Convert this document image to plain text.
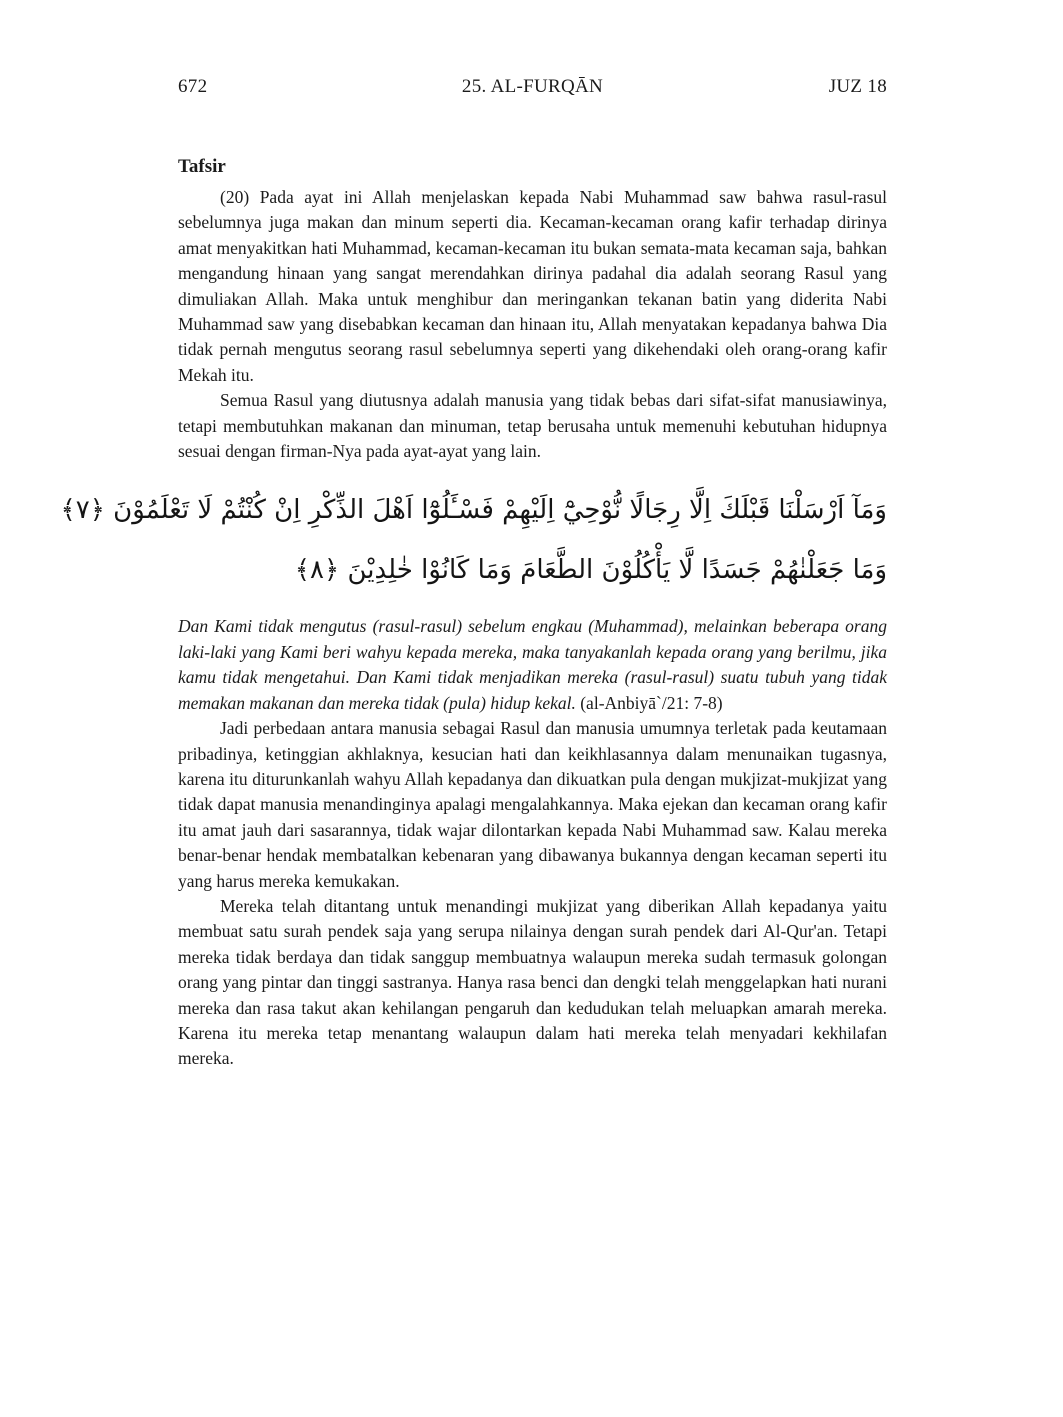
25. AL-FURQĀN
672	JUZ 18
Tafsir

(20) Pada ayat ini Allah menjelaskan kepada Nabi Muhammad saw bahwa rasul-rasul sebelumnya juga makan dan minum seperti dia. Kecaman-kecaman orang kafir terhadap dirinya amat menyakitkan hati Muhammad, kecaman-kecaman itu bukan semata-mata kecaman saja, bahkan mengandung hinaan yang sangat merendahkan dirinya padahal dia adalah seorang Rasul yang dimuliakan Allah. Maka untuk menghibur dan meringankan tekanan batin yang diderita Nabi Muhammad saw yang disebabkan kecaman dan hinaan itu, Allah menyatakan kepadanya bahwa Dia tidak pernah mengutus seorang rasul sebelumnya seperti yang dikehendaki oleh orang-orang kafir Mekah itu.

Semua Rasul yang diutusnya adalah manusia yang tidak bebas dari sifat-sifat manusiawinya, tetapi membutuhkan makanan dan minuman, tetap berusaha untuk memenuhi kebutuhan hidupnya sesuai dengan firman-Nya pada ayat-ayat yang lain.

وَمَآ اَرْسَلْنَا قَبْلَكَ اِلَّا رِجَالًا نُّوْحِيْٓ اِلَيْهِمْ فَسْـَٔلُوْٓا اَهْلَ الذِّكْرِ اِنْ كُنْتُمْ لَا تَعْلَمُوْنَ ﴿٧﴾
وَمَا جَعَلْنٰهُمْ جَسَدًا لَّا يَأْكُلُوْنَ الطَّعَامَ وَمَا كَانُوْا خٰلِدِيْنَ ﴿٨﴾

Dan Kami tidak mengutus (rasul-rasul) sebelum engkau (Muhammad), melainkan beberapa orang laki-laki yang Kami beri wahyu kepada mereka, maka tanyakanlah kepada orang yang berilmu, jika kamu tidak mengetahui. Dan Kami tidak menjadikan mereka (rasul-rasul) suatu tubuh yang tidak memakan makanan dan mereka tidak (pula) hidup kekal. (al-Anbiyā`/21: 7-8)

Jadi perbedaan antara manusia sebagai Rasul dan manusia umumnya terletak pada keutamaan pribadinya, ketinggian akhlaknya, kesucian hati dan keikhlasannya dalam menunaikan tugasnya, karena itu diturunkanlah wahyu Allah kepadanya dan dikuatkan pula dengan mukjizat-mukjizat yang tidak dapat manusia menandinginya apalagi mengalahkannya. Maka ejekan dan kecaman orang kafir itu amat jauh dari sasarannya, tidak wajar dilontarkan kepada Nabi Muhammad saw. Kalau mereka benar-benar hendak membatalkan kebenaran yang dibawanya bukannya dengan kecaman seperti itu yang harus mereka kemukakan.

Mereka telah ditantang untuk menandingi mukjizat yang diberikan Allah kepadanya yaitu membuat satu surah pendek saja yang serupa nilainya dengan surah pendek dari Al-Qur'an. Tetapi mereka tidak berdaya dan tidak sanggup membuatnya walaupun mereka sudah termasuk golongan orang yang pintar dan tinggi sastranya. Hanya rasa benci dan dengki telah menggelapkan hati nurani mereka dan rasa takut akan kehilangan pengaruh dan kedudukan telah meluapkan amarah mereka. Karena itu mereka tetap menantang walaupun dalam hati mereka telah menyadari kekhilafan mereka.
